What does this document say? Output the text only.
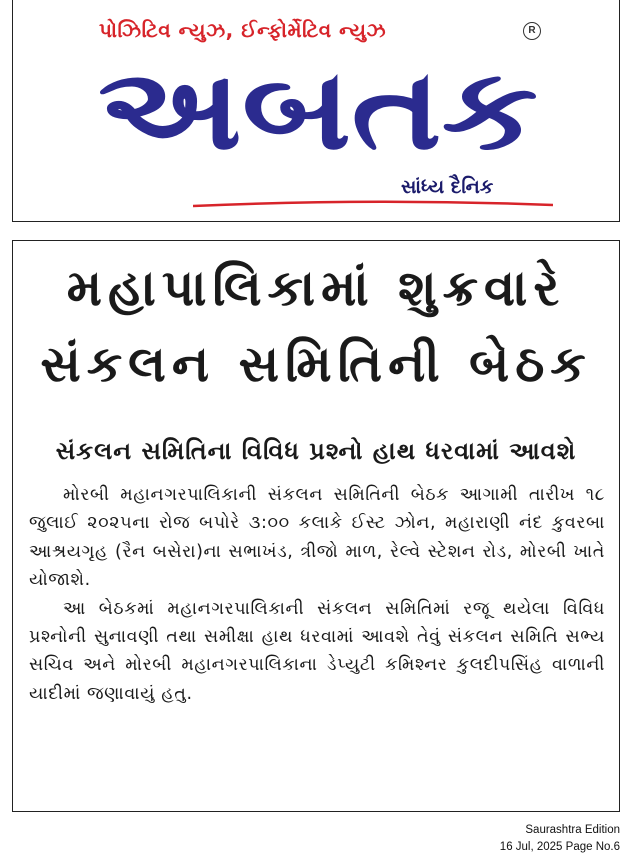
પોઝિટિવ ન્યુઝ, ઈન્ફોર્મેટિવ ન્યુઝ	R
અબતક
સાંધ્ય દૈનિક
મહાપાલિકામાં શુક્રવારે
સંકલન સમિતિની બેઠક
સંકલન સમિતિના વિવિધ પ્રશ્નો હાથ ધરવામાં આવશે

મોરબી મહાનગરપાલિકાની સંકલન સમિતિની બેઠક આગામી તારીખ ૧૮ જુલાઈ ૨૦૨૫ના રોજ બપોરે ૩:૦૦ કલાકે ઈસ્ટ ઝોન, મહારાણી નંદ કુવરબા આશ્રયગૃહ (રૈન બસેરા)ના સભાખંડ, ત્રીજો માળ, રેલ્વે સ્ટેશન રોડ, મોરબી ખાતે યોજાશે.

આ બેઠકમાં મહાનગરપાલિકાની સંકલન સમિતિમાં રજૂ થયેલા વિવિધ પ્રશ્નોની સુનાવણી તથા સમીક્ષા હાથ ધરવામાં આવશે તેવું સંકલન સમિતિ સભ્ય સચિવ અને મોરબી મહાનગરપાલિકાના ડેપ્યુટી કમિશ્નર કુલદીપસિંહ વાળાની યાદીમાં જણાવાયું હતુ.

Saurashtra Edition
16 Jul, 2025 Page No.6
